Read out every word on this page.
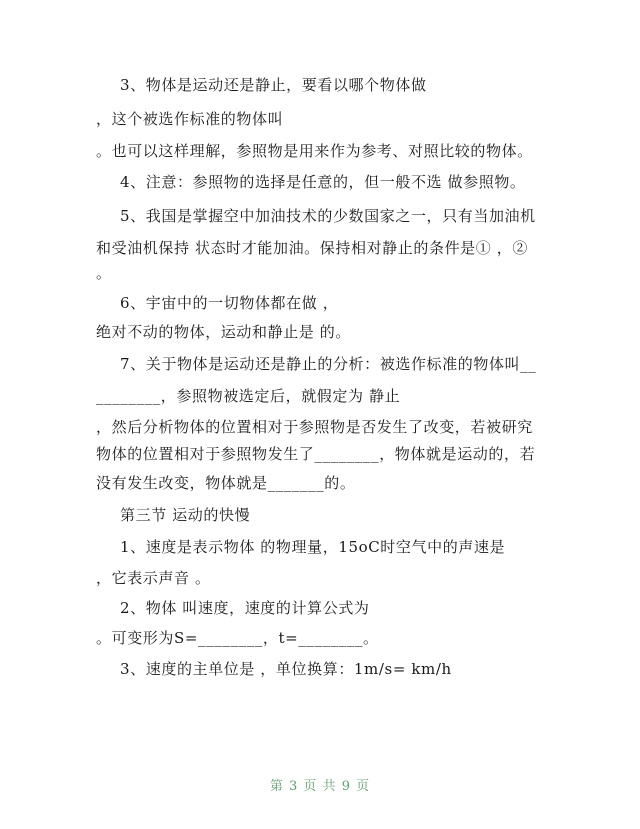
3、物体是运动还是静止，要看以哪个物体做
，这个被选作标准的物体叫
。也可以这样理解，参照物是用来作为参考、对照比较的物体。
4、注意：参照物的选择是任意的，但一般不选 做参照物。
5、我国是掌握空中加油技术的少数国家之一，只有当加油机
和受油机保持 状态时才能加油。保持相对静止的条件是① ，②
。
6、宇宙中的一切物体都在做 ，
绝对不动的物体，运动和静止是 的。
7、关于物体是运动还是静止的分析：被选作标准的物体叫__
________，参照物被选定后，就假定为 静止
，然后分析物体的位置相对于参照物是否发生了改变，若被研究
物体的位置相对于参照物发生了________，物体就是运动的，若
没有发生改变，物体就是_______的。
第三节 运动的快慢
1、速度是表示物体 的物理量，15oC时空气中的声速是
，它表示声音 。
2、物体 叫速度，速度的计算公式为
。可变形为S=________，t=________。
3、速度的主单位是 ，单位换算：1m/s= km/h
第 3 页 共 9 页
